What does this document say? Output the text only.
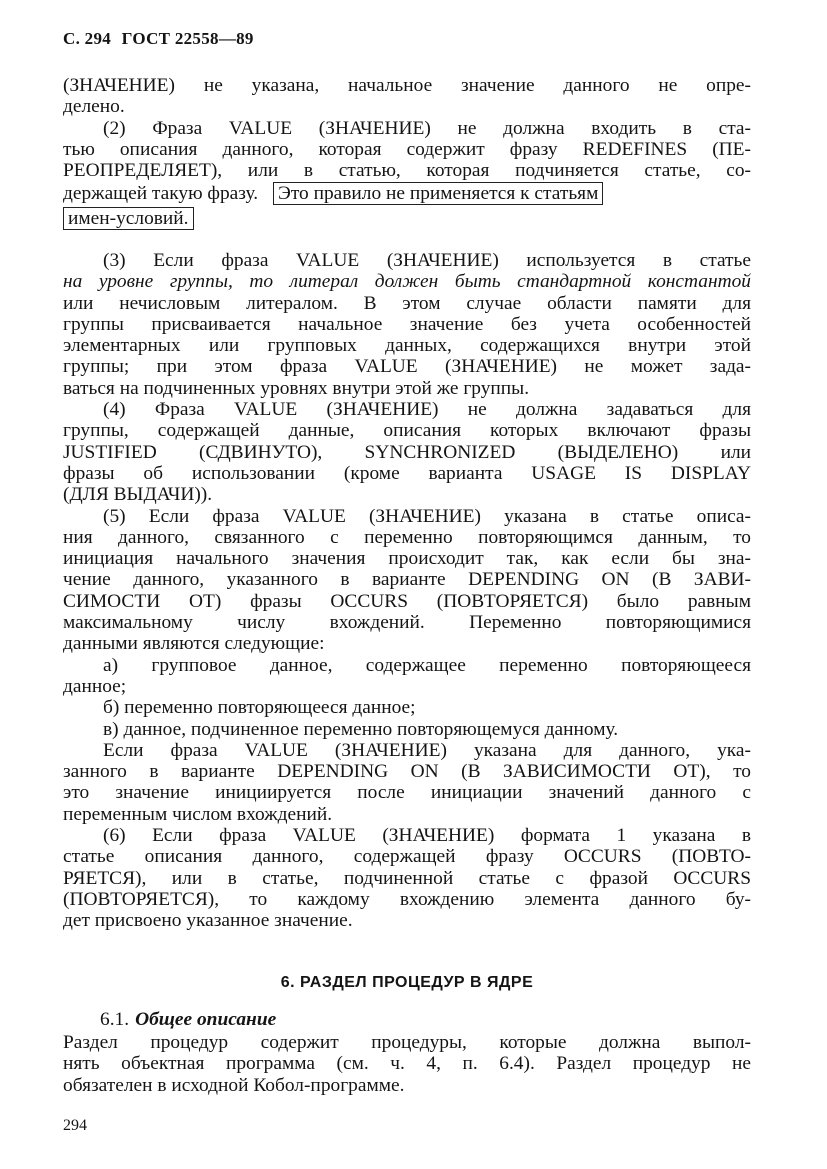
С. 294 ГОСТ 22558—89
(ЗНАЧЕНИЕ) не указана, начальное значение данного не опре-
делено.
(2) Фраза VALUE (ЗНАЧЕНИЕ) не должна входить в ста-
тью описания данного, которая содержит фразу REDEFINES (ПЕ-
РЕОПРЕДЕЛЯЕТ), или в статью, которая подчиняется статье, со-
держащей такую фразу. Это правило не применяется к статьям
имен-условий.
(3) Если фраза VALUE (ЗНАЧЕНИЕ) используется в статье
на уровне группы, то литерал должен быть стандартной константой
или нечисловым литералом. В этом случае области памяти для
группы присваивается начальное значение без учета особенностей
элементарных или групповых данных, содержащихся внутри этой
группы; при этом фраза VALUE (ЗНАЧЕНИЕ) не может зада-
ваться на подчиненных уровнях внутри этой же группы.
(4) Фраза VALUE (ЗНАЧЕНИЕ) не должна задаваться для
группы, содержащей данные, описания которых включают фразы
JUSTIFIED (СДВИНУТО), SYNCHRONIZED (ВЫДЕЛЕНО) или
фразы об использовании (кроме варианта USAGE IS DISPLAY
(ДЛЯ ВЫДАЧИ)).
(5) Если фраза VALUE (ЗНАЧЕНИЕ) указана в статье описа-
ния данного, связанного с переменно повторяющимся данным, то
инициация начального значения происходит так, как если бы зна-
чение данного, указанного в варианте DEPENDING ON (В ЗАВИ-
СИМОСТИ ОТ) фразы OCCURS (ПОВТОРЯЕТСЯ) было равным
максимальному числу вхождений. Переменно повторяющимися
данными являются следующие:
а) групповое данное, содержащее переменно повторяющееся
данное;
б) переменно повторяющееся данное;
в) данное, подчиненное переменно повторяющемуся данному.
Если фраза VALUE (ЗНАЧЕНИЕ) указана для данного, ука-
занного в варианте DEPENDING ON (В ЗАВИСИМОСТИ ОТ), то
это значение инициируется после инициации значений данного с
переменным числом вхождений.
(6) Если фраза VALUE (ЗНАЧЕНИЕ) формата 1 указана в
статье описания данного, содержащей фразу OCCURS (ПОВТО-
РЯЕТСЯ), или в статье, подчиненной статье с фразой OCCURS
(ПОВТОРЯЕТСЯ), то каждому вхождению элемента данного бу-
дет присвоено указанное значение.
6. РАЗДЕЛ ПРОЦЕДУР В ЯДРЕ
6.1. Общее описание
Раздел процедур содержит процедуры, которые должна выпол-
нять объектная программа (см. ч. 4, п. 6.4). Раздел процедур не
обязателен в исходной Кобол-программе.
294
